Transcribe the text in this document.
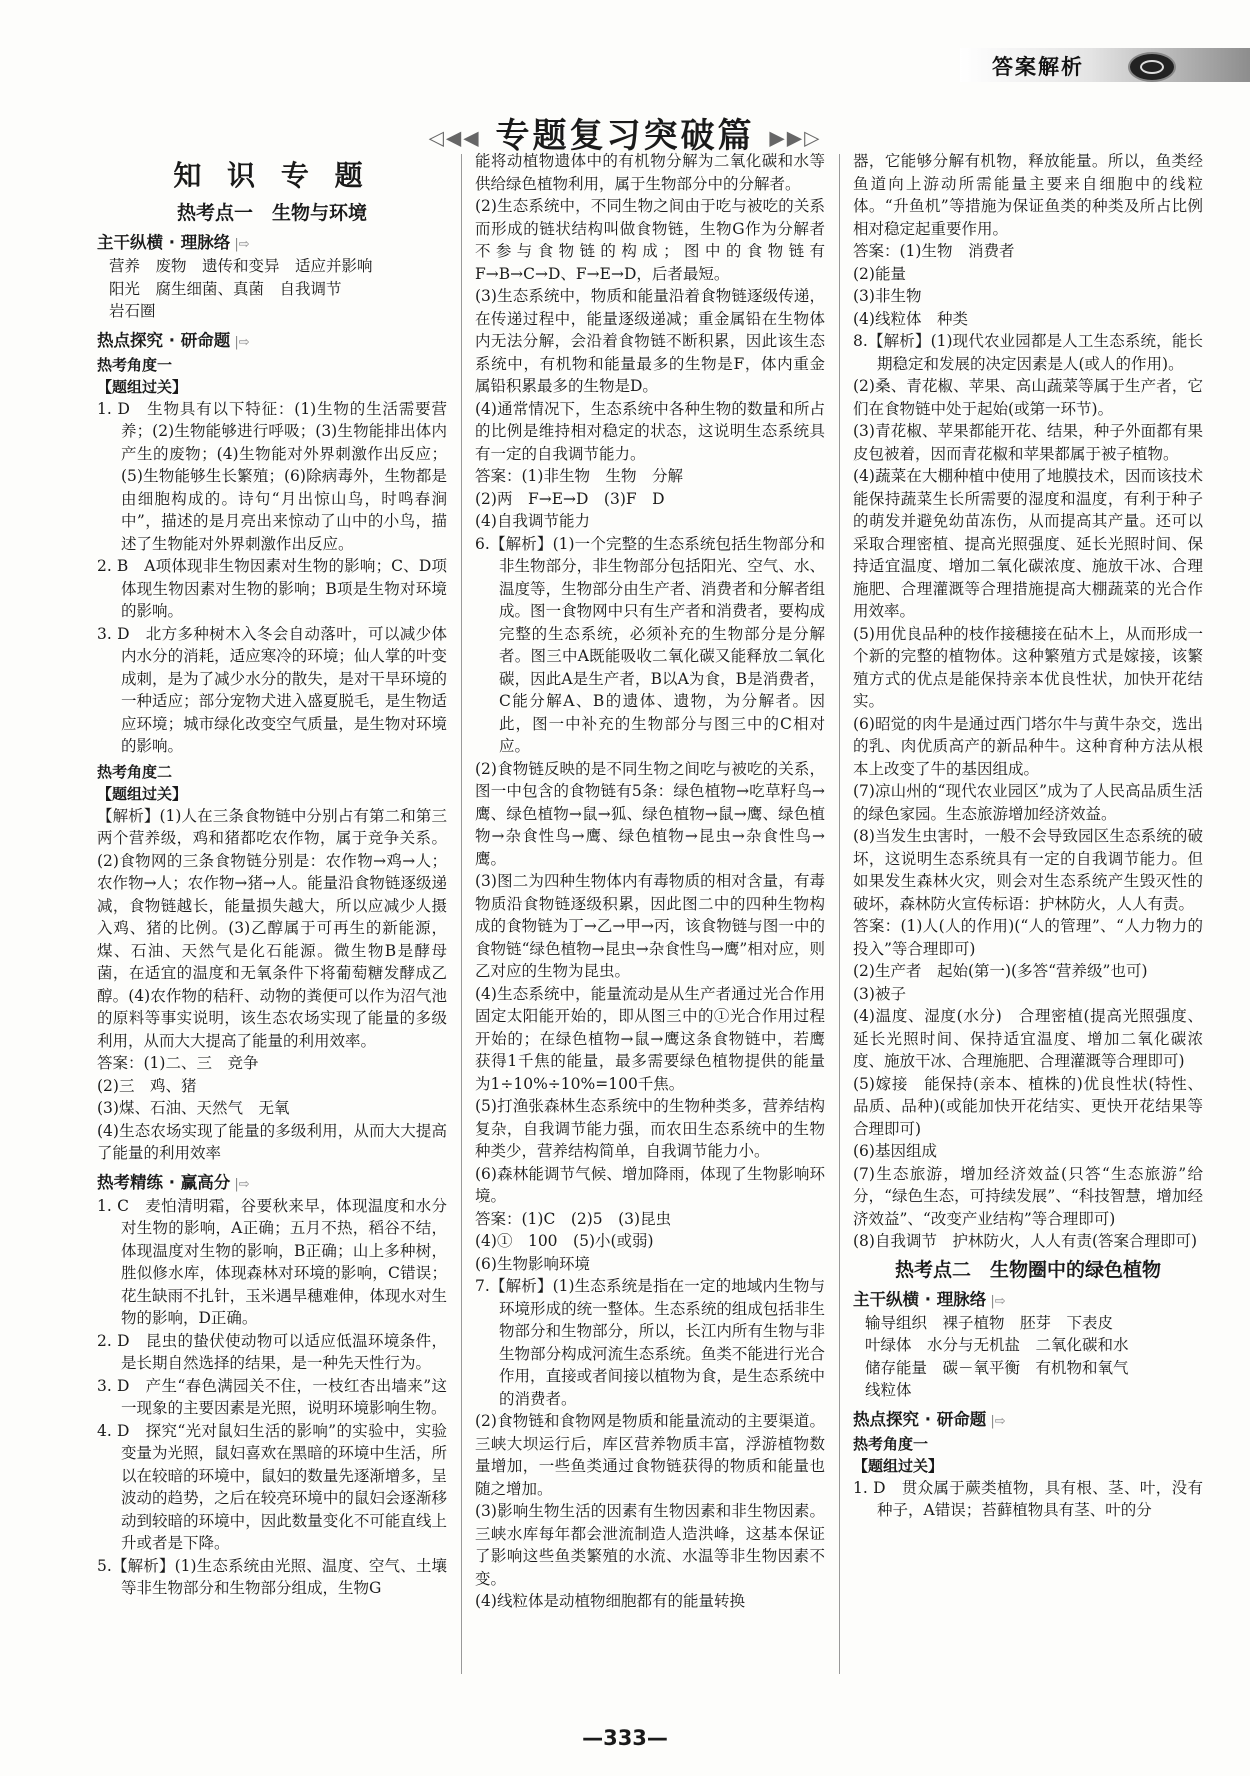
答案解析
◁◀◀ 专题复习突破篇 ▶▶▷
知 识 专 题
热考点一　生物与环境
主干纵横 · 理脉络 |⇨

营养　废物　遗传和变异　适应并影响

阳光　腐生细菌、真菌　自我调节

岩石圈

热点探究 · 研命题 |⇨
热考角度一
【题组过关】

1. D　生物具有以下特征：(1)生物的生活需要营养；(2)生物能够进行呼吸；(3)生物能排出体内产生的废物；(4)生物能对外界刺激作出反应；(5)生物能够生长繁殖；(6)除病毒外，生物都是由细胞构成的。诗句“月出惊山鸟，时鸣春涧中”，描述的是月亮出来惊动了山中的小鸟，描述了生物能对外界刺激作出反应。

2. B　A项体现非生物因素对生物的影响；C、D项体现生物因素对生物的影响；B项是生物对环境的影响。

3. D　北方多种树木入冬会自动落叶，可以减少体内水分的消耗，适应寒冷的环境；仙人掌的叶变成刺，是为了减少水分的散失，是对干旱环境的一种适应；部分宠物犬进入盛夏脱毛，是生物适应环境；城市绿化改变空气质量，是生物对环境的影响。

热考角度二
【题组过关】

【解析】(1)人在三条食物链中分别占有第二和第三两个营养级，鸡和猪都吃农作物，属于竞争关系。(2)食物网的三条食物链分别是：农作物→鸡→人；农作物→人；农作物→猪→人。能量沿食物链逐级递减，食物链越长，能量损失越大，所以应减少人摄入鸡、猪的比例。(3)乙醇属于可再生的新能源，煤、石油、天然气是化石能源。微生物B是酵母菌，在适宜的温度和无氧条件下将葡萄糖发酵成乙醇。(4)农作物的秸秆、动物的粪便可以作为沼气池的原料等事实说明，该生态农场实现了能量的多级利用，从而大大提高了能量的利用效率。

答案：(1)二、三　竞争

(2)三　鸡、猪

(3)煤、石油、天然气　无氧

(4)生态农场实现了能量的多级利用，从而大大提高了能量的利用效率

热考精练 · 赢高分 |⇨

1. C　麦怕清明霜，谷要秋来早，体现温度和水分对生物的影响，A正确；五月不热，稻谷不结，体现温度对生物的影响，B正确；山上多种树，胜似修水库，体现森林对环境的影响，C错误；花生缺雨不扎针，玉米遇旱穗难伸，体现水对生物的影响，D正确。

2. D　昆虫的蛰伏使动物可以适应低温环境条件，是长期自然选择的结果，是一种先天性行为。

3. D　产生“春色满园关不住，一枝红杏出墙来”这一现象的主要因素是光照，说明环境影响生物。

4. D　探究“光对鼠妇生活的影响”的实验中，实验变量为光照，鼠妇喜欢在黑暗的环境中生活，所以在较暗的环境中，鼠妇的数量先逐渐增多，呈波动的趋势，之后在较亮环境中的鼠妇会逐渐移动到较暗的环境中，因此数量变化不可能直线上升或者是下降。

5.【解析】(1)生态系统由光照、温度、空气、土壤等非生物部分和生物部分组成，生物G

能将动植物遗体中的有机物分解为二氧化碳和水等供给绿色植物利用，属于生物部分中的分解者。

(2)生态系统中，不同生物之间由于吃与被吃的关系而形成的链状结构叫做食物链，生物G作为分解者不参与食物链的构成；图中的食物链有F→B→C→D、F→E→D，后者最短。

(3)生态系统中，物质和能量沿着食物链逐级传递，在传递过程中，能量逐级递减；重金属铅在生物体内无法分解，会沿着食物链不断积累，因此该生态系统中，有机物和能量最多的生物是F，体内重金属铅积累最多的生物是D。

(4)通常情况下，生态系统中各种生物的数量和所占的比例是维持相对稳定的状态，这说明生态系统具有一定的自我调节能力。

答案：(1)非生物　生物　分解

(2)两　F→E→D　(3)F　D

(4)自我调节能力

6.【解析】(1)一个完整的生态系统包括生物部分和非生物部分，非生物部分包括阳光、空气、水、温度等，生物部分由生产者、消费者和分解者组成。图一食物网中只有生产者和消费者，要构成完整的生态系统，必须补充的生物部分是分解者。图三中A既能吸收二氧化碳又能释放二氧化碳，因此A是生产者，B以A为食，B是消费者，C能分解A、B的遗体、遗物，为分解者。因此，图一中补充的生物部分与图三中的C相对应。

(2)食物链反映的是不同生物之间吃与被吃的关系，图一中包含的食物链有5条：绿色植物→吃草籽鸟→鹰、绿色植物→鼠→狐、绿色植物→鼠→鹰、绿色植物→杂食性鸟→鹰、绿色植物→昆虫→杂食性鸟→鹰。

(3)图二为四种生物体内有毒物质的相对含量，有毒物质沿食物链逐级积累，因此图二中的四种生物构成的食物链为丁→乙→甲→丙，该食物链与图一中的食物链“绿色植物→昆虫→杂食性鸟→鹰”相对应，则乙对应的生物为昆虫。

(4)生态系统中，能量流动是从生产者通过光合作用固定太阳能开始的，即从图三中的①光合作用过程开始的；在绿色植物→鼠→鹰这条食物链中，若鹰获得1千焦的能量，最多需要绿色植物提供的能量为1÷10%÷10%=100千焦。

(5)打渔张森林生态系统中的生物种类多，营养结构复杂，自我调节能力强，而农田生态系统中的生物种类少，营养结构简单，自我调节能力小。

(6)森林能调节气候、增加降雨，体现了生物影响环境。

答案：(1)C　(2)5　(3)昆虫

(4)①　100　(5)小(或弱)

(6)生物影响环境

7.【解析】(1)生态系统是指在一定的地域内生物与环境形成的统一整体。生态系统的组成包括非生物部分和生物部分，所以，长江内所有生物与非生物部分构成河流生态系统。鱼类不能进行光合作用，直接或者间接以植物为食，是生态系统中的消费者。

(2)食物链和食物网是物质和能量流动的主要渠道。三峡大坝运行后，库区营养物质丰富，浮游植物数量增加，一些鱼类通过食物链获得的物质和能量也随之增加。

(3)影响生物生活的因素有生物因素和非生物因素。三峡水库每年都会泄流制造人造洪峰，这基本保证了影响这些鱼类繁殖的水流、水温等非生物因素不变。

(4)线粒体是动植物细胞都有的能量转换

器，它能够分解有机物，释放能量。所以，鱼类经鱼道向上游动所需能量主要来自细胞中的线粒体。“升鱼机”等措施为保证鱼类的种类及所占比例相对稳定起重要作用。

答案：(1)生物　消费者

(2)能量

(3)非生物

(4)线粒体　种类

8.【解析】(1)现代农业园都是人工生态系统，能长期稳定和发展的决定因素是人(或人的作用)。

(2)桑、青花椒、苹果、高山蔬菜等属于生产者，它们在食物链中处于起始(或第一环节)。

(3)青花椒、苹果都能开花、结果，种子外面都有果皮包被着，因而青花椒和苹果都属于被子植物。

(4)蔬菜在大棚种植中使用了地膜技术，因而该技术能保持蔬菜生长所需要的湿度和温度，有利于种子的萌发并避免幼苗冻伤，从而提高其产量。还可以采取合理密植、提高光照强度、延长光照时间、保持适宜温度、增加二氧化碳浓度、施放干冰、合理施肥、合理灌溉等合理措施提高大棚蔬菜的光合作用效率。

(5)用优良品种的枝作接穗接在砧木上，从而形成一个新的完整的植物体。这种繁殖方式是嫁接，该繁殖方式的优点是能保持亲本优良性状，加快开花结实。

(6)昭觉的肉牛是通过西门塔尔牛与黄牛杂交，选出的乳、肉优质高产的新品种牛。这种育种方法从根本上改变了牛的基因组成。

(7)凉山州的“现代农业园区”成为了人民高品质生活的绿色家园。生态旅游增加经济效益。

(8)当发生虫害时，一般不会导致园区生态系统的破坏，这说明生态系统具有一定的自我调节能力。但如果发生森林火灾，则会对生态系统产生毁灭性的破坏，森林防火宣传标语：护林防火，人人有责。

答案：(1)人(人的作用)(“人的管理”、“人力物力的投入”等合理即可)

(2)生产者　起始(第一)(多答“营养级”也可)

(3)被子

(4)温度、湿度(水分)　合理密植(提高光照强度、延长光照时间、保持适宜温度、增加二氧化碳浓度、施放干冰、合理施肥、合理灌溉等合理即可)

(5)嫁接　能保持(亲本、植株的)优良性状(特性、品质、品种)(或能加快开花结实、更快开花结果等合理即可)

(6)基因组成

(7)生态旅游，增加经济效益(只答“生态旅游”给分，“绿色生态，可持续发展”、“科技智慧，增加经济效益”、“改变产业结构”等合理即可)

(8)自我调节　护林防火，人人有责(答案合理即可)

热考点二　生物圈中的绿色植物
主干纵横 · 理脉络 |⇨

输导组织　裸子植物　胚芽　下表皮

叶绿体　水分与无机盐　二氧化碳和水

储存能量　碳－氧平衡　有机物和氧气

线粒体

热点探究 · 研命题 |⇨
热考角度一
【题组过关】

1. D　贯众属于蕨类植物，具有根、茎、叶，没有种子，A错误；苔藓植物具有茎、叶的分

—333—
